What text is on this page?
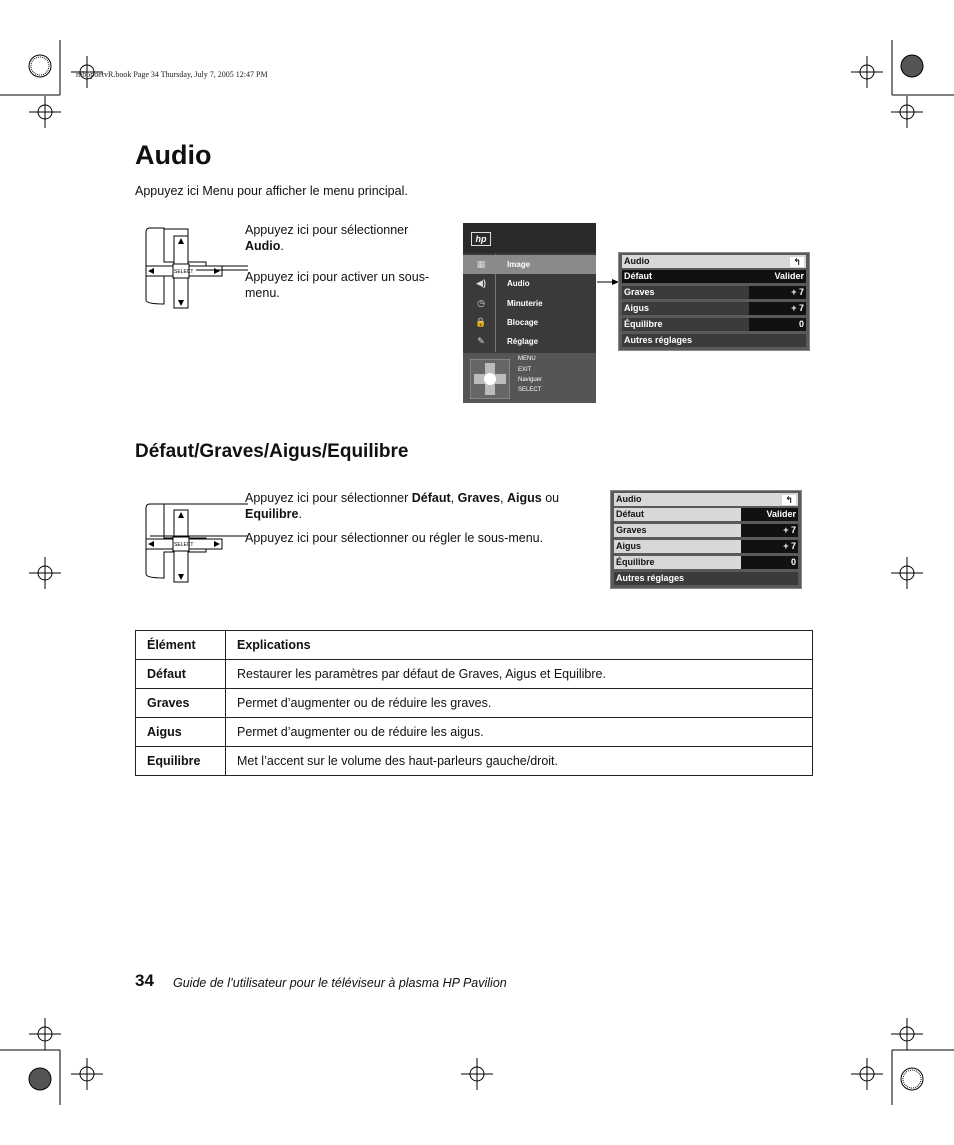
mb5poetvR.book Page 34 Thursday, July 7, 2005 12:47 PM
Audio
Appuyez ici Menu pour afficher le menu principal.
SELECT
Appuyez ici pour sélectionner Audio.
Appuyez ici pour activer un sous-menu.
hp
▦	Image
◀)	Audio
◷	Minuterie
🔒	Blocage
✎	Réglage
MENU
EXIT
Naviguer
SELECT
Audio	↰
Défaut	Valider
Graves	+ 7
Aigus	+ 7
Équilibre	0
Autres réglages
Défaut/Graves/Aigus/Equilibre
SELECT
Appuyez ici pour sélectionner Défaut, Graves, Aigus ou Equilibre.
Appuyez ici pour sélectionner ou régler le sous-menu.
Audio	↰
Défaut	Valider
Graves	+ 7
Aigus	+ 7
Équilibre	0
Autres réglages
Élément	Explications
Défaut	Restaurer les paramètres par défaut de Graves, Aigus et Equilibre.
Graves	Permet d’augmenter ou de réduire les graves.
Aigus	Permet d’augmenter ou de réduire les aigus.
Equilibre	Met l’accent sur le volume des haut-parleurs gauche/droit.
34 Guide de l’utilisateur pour le téléviseur à plasma HP Pavilion
